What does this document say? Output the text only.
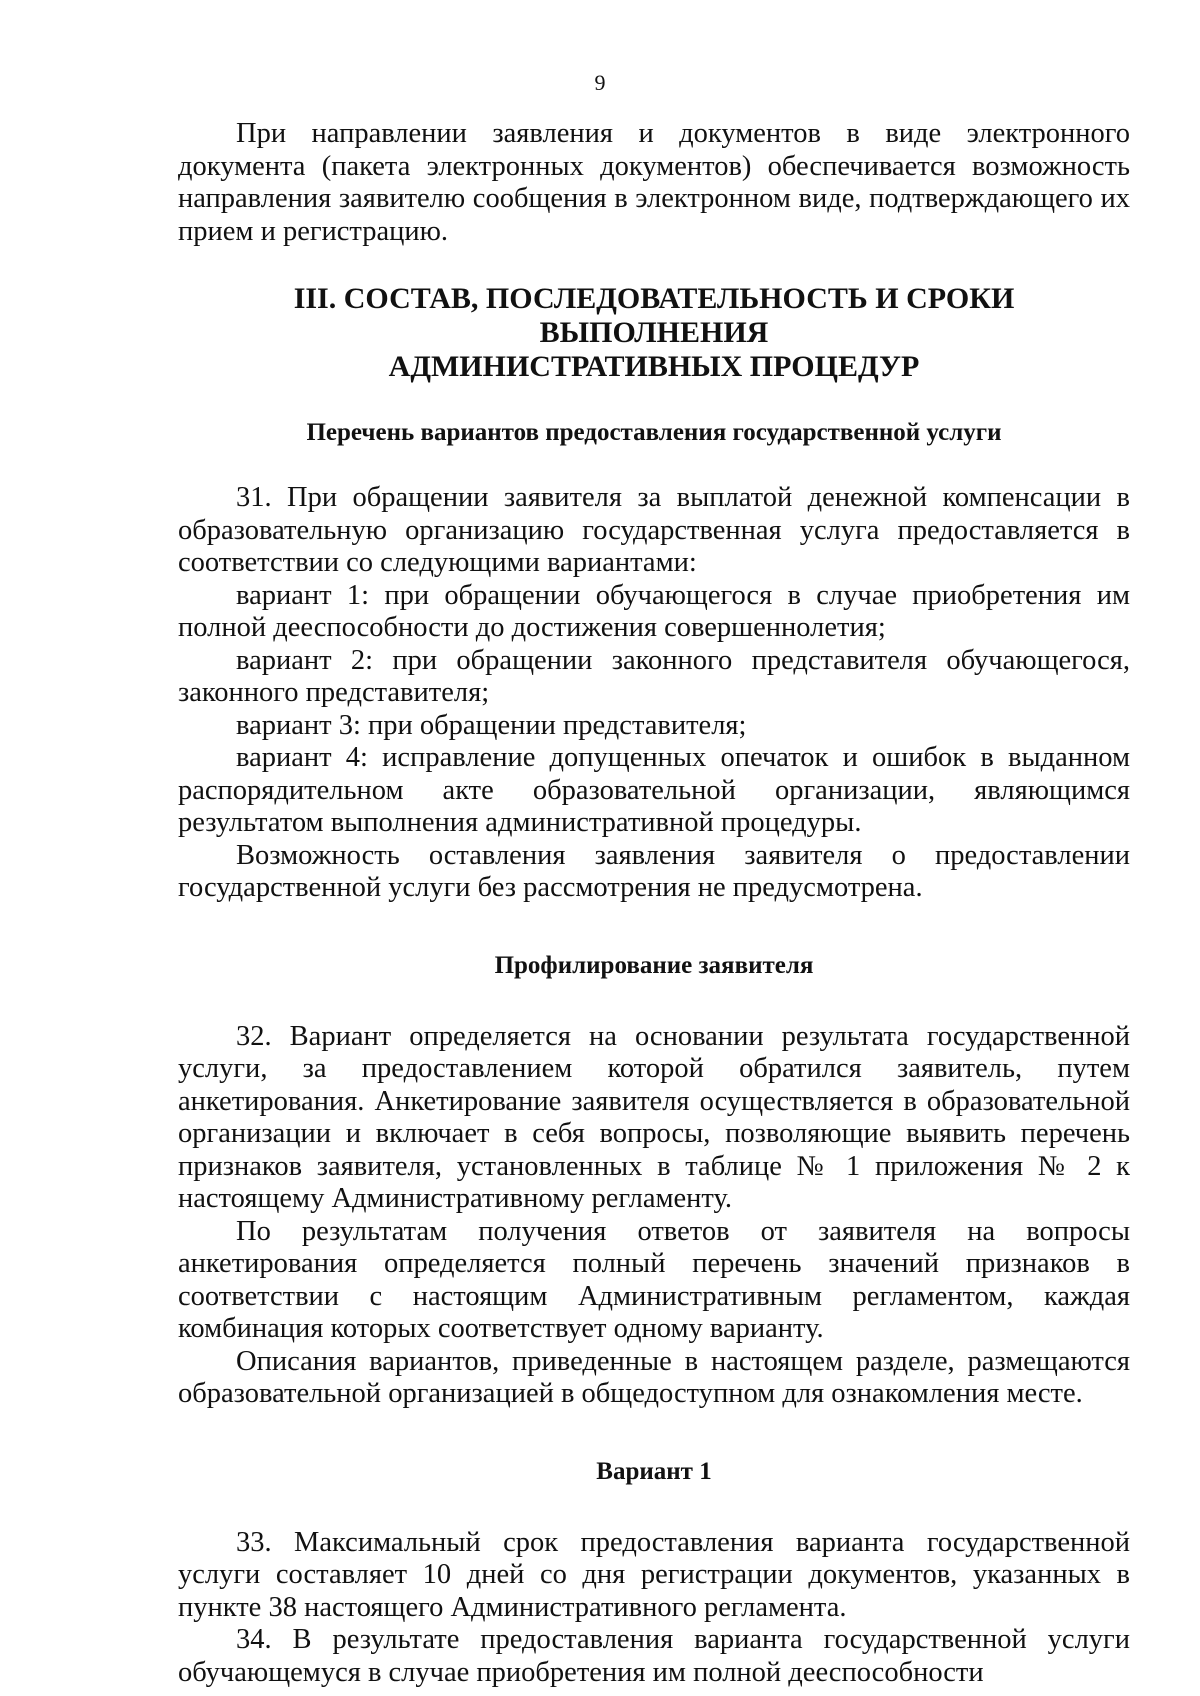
9

При направлении заявления и документов в виде электронного документа (пакета электронных документов) обеспечивается возможность направления заявителю сообщения в электронном виде, подтверждающего их прием и регистрацию.

III. СОСТАВ, ПОСЛЕДОВАТЕЛЬНОСТЬ И СРОКИ ВЫПОЛНЕНИЯ
АДМИНИСТРАТИВНЫХ ПРОЦЕДУР
Перечень вариантов предоставления государственной услуги

31. При обращении заявителя за выплатой денежной компенсации в образовательную организацию государственная услуга предоставляется в соответствии со следующими вариантами:

вариант 1: при обращении обучающегося в случае приобретения им полной дееспособности до достижения совершеннолетия;

вариант 2: при обращении законного представителя обучающегося, законного представителя;

вариант 3: при обращении представителя;

вариант 4: исправление допущенных опечаток и ошибок в выданном распорядительном акте образовательной организации, являющимся результатом выполнения административной процедуры.

Возможность оставления заявления заявителя о предоставлении государственной услуги без рассмотрения не предусмотрена.

Профилирование заявителя

32. Вариант определяется на основании результата государственной услуги, за предоставлением которой обратился заявитель, путем анкетирования. Анкетирование заявителя осуществляется в образовательной организации и включает в себя вопросы, позволяющие выявить перечень признаков заявителя, установленных в таблице № 1 приложения № 2 к настоящему Административному регламенту.

По результатам получения ответов от заявителя на вопросы анкетирования определяется полный перечень значений признаков в соответствии с настоящим Административным регламентом, каждая комбинация которых соответствует одному варианту.

Описания вариантов, приведенные в настоящем разделе, размещаются образовательной организацией в общедоступном для ознакомления месте.

Вариант 1

33. Максимальный срок предоставления варианта государственной услуги составляет 10 дней со дня регистрации документов, указанных в пункте 38 настоящего Административного регламента.

34. В результате предоставления варианта государственной услуги обучающемуся в случае приобретения им полной дееспособности
